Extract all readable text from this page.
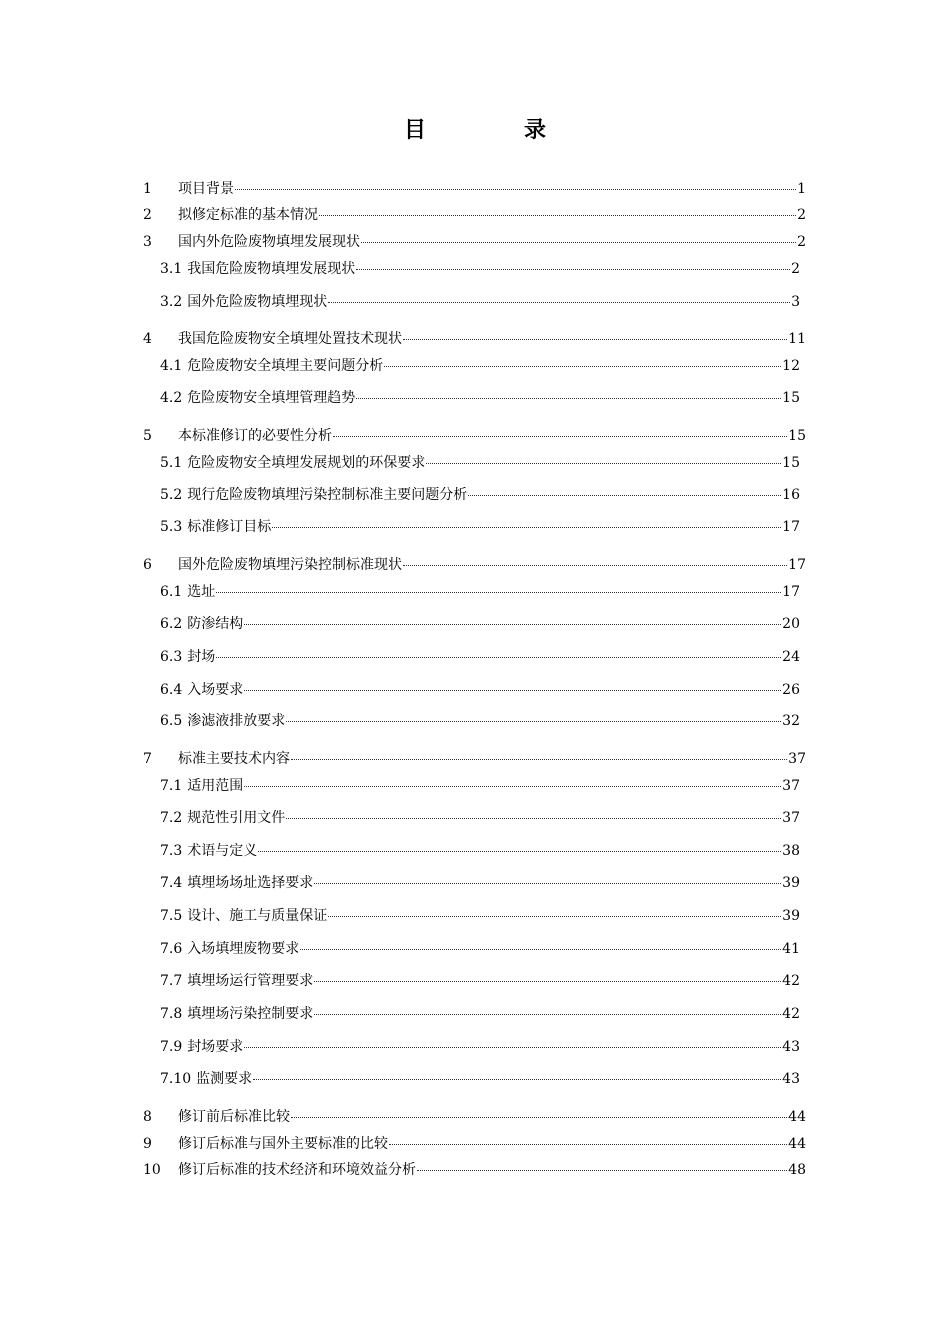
目　录
1	项目背景	1
2	拟修定标准的基本情况	2
3	国内外危险废物填埋发展现状	2
3.1 我国危险废物填埋发展现状	2
3.2 国外危险废物填埋现状	3
4	我国危险废物安全填埋处置技术现状	11
4.1 危险废物安全填埋主要问题分析	12
4.2 危险废物安全填埋管理趋势	15
5	本标准修订的必要性分析	15
5.1 危险废物安全填埋发展规划的环保要求	15
5.2 现行危险废物填埋污染控制标准主要问题分析	16
5.3 标准修订目标	17
6	国外危险废物填埋污染控制标准现状	17
6.1 选址	17
6.2 防渗结构	20
6.3 封场	24
6.4 入场要求	26
6.5 渗滤液排放要求	32
7	标准主要技术内容	37
7.1 适用范围	37
7.2 规范性引用文件	37
7.3 术语与定义	38
7.4 填埋场场址选择要求	39
7.5 设计、施工与质量保证	39
7.6 入场填埋废物要求	41
7.7 填埋场运行管理要求	42
7.8 填埋场污染控制要求	42
7.9 封场要求	43
7.10 监测要求	43
8	修订前后标准比较	44
9	修订后标准与国外主要标准的比较	44
10	修订后标准的技术经济和环境效益分析	48
